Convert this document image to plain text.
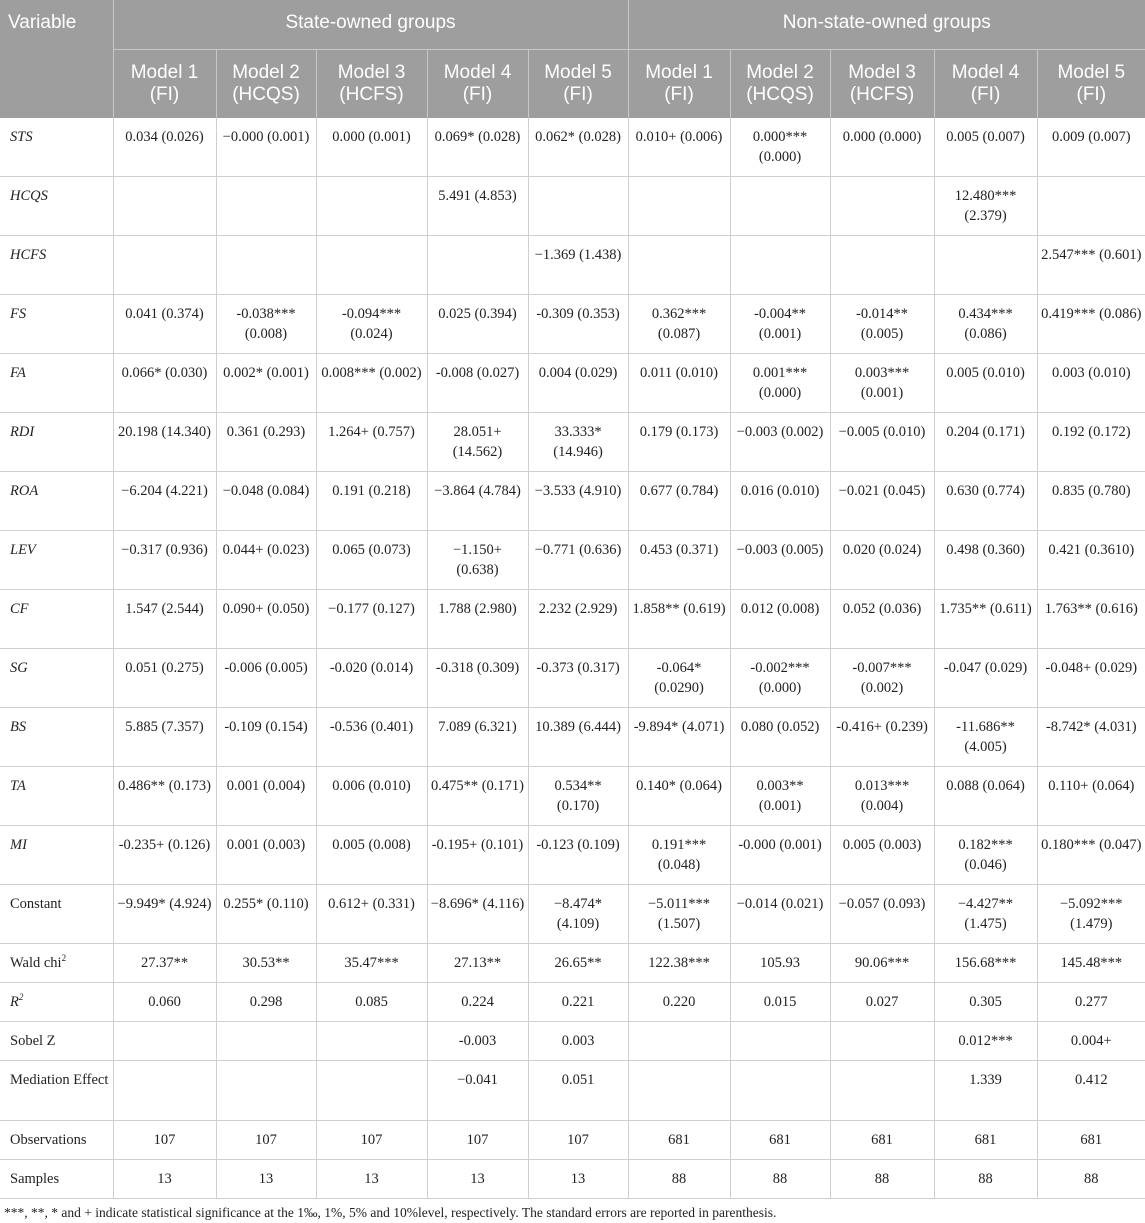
Variable	State-owned groups					Non-state-owned groups				
	Model 1 (FI)	Model 2 (HCQS)	Model 3 (HCFS)	Model 4 (FI)	Model 5 (FI)	Model 1 (FI)	Model 2 (HCQS)	Model 3 (HCFS)	Model 4 (FI)	Model 5 (FI)
STS	0.034 (0.026)	−0.000 (0.001)	0.000 (0.001)	0.069* (0.028)	0.062* (0.028)	0.010+ (0.006)	0.000*** (0.000)	0.000 (0.000)	0.005 (0.007)	0.009 (0.007)
HCQS				5.491 (4.853)					12.480*** (2.379)	
HCFS					−1.369 (1.438)					2.547*** (0.601)
FS	0.041 (0.374)	-0.038*** (0.008)	-0.094*** (0.024)	0.025 (0.394)	-0.309 (0.353)	0.362*** (0.087)	-0.004** (0.001)	-0.014** (0.005)	0.434*** (0.086)	0.419*** (0.086)
FA	0.066* (0.030)	0.002* (0.001)	0.008*** (0.002)	-0.008 (0.027)	0.004 (0.029)	0.011 (0.010)	0.001*** (0.000)	0.003*** (0.001)	0.005 (0.010)	0.003 (0.010)
RDI	20.198 (14.340)	0.361 (0.293)	1.264+ (0.757)	28.051+ (14.562)	33.333* (14.946)	0.179 (0.173)	−0.003 (0.002)	−0.005 (0.010)	0.204 (0.171)	0.192 (0.172)
ROA	−6.204 (4.221)	−0.048 (0.084)	0.191 (0.218)	−3.864 (4.784)	−3.533 (4.910)	0.677 (0.784)	0.016 (0.010)	−0.021 (0.045)	0.630 (0.774)	0.835 (0.780)
LEV	−0.317 (0.936)	0.044+ (0.023)	0.065 (0.073)	−1.150+ (0.638)	−0.771 (0.636)	0.453 (0.371)	−0.003 (0.005)	0.020 (0.024)	0.498 (0.360)	0.421 (0.3610)
CF	1.547 (2.544)	0.090+ (0.050)	−0.177 (0.127)	1.788 (2.980)	2.232 (2.929)	1.858** (0.619)	0.012 (0.008)	0.052 (0.036)	1.735** (0.611)	1.763** (0.616)
SG	0.051 (0.275)	-0.006 (0.005)	-0.020 (0.014)	-0.318 (0.309)	-0.373 (0.317)	-0.064* (0.0290)	-0.002*** (0.000)	-0.007*** (0.002)	-0.047 (0.029)	-0.048+ (0.029)
BS	5.885 (7.357)	-0.109 (0.154)	-0.536 (0.401)	7.089 (6.321)	10.389 (6.444)	-9.894* (4.071)	0.080 (0.052)	-0.416+ (0.239)	-11.686** (4.005)	-8.742* (4.031)
TA	0.486** (0.173)	0.001 (0.004)	0.006 (0.010)	0.475** (0.171)	0.534** (0.170)	0.140* (0.064)	0.003** (0.001)	0.013*** (0.004)	0.088 (0.064)	0.110+ (0.064)
MI	-0.235+ (0.126)	0.001 (0.003)	0.005 (0.008)	-0.195+ (0.101)	-0.123 (0.109)	0.191*** (0.048)	-0.000 (0.001)	0.005 (0.003)	0.182*** (0.046)	0.180*** (0.047)
Constant	−9.949* (4.924)	0.255* (0.110)	0.612+ (0.331)	−8.696* (4.116)	−8.474* (4.109)	−5.011*** (1.507)	−0.014 (0.021)	−0.057 (0.093)	−4.427** (1.475)	−5.092*** (1.479)
Wald chi$^2$	27.37**	30.53**	35.47***	27.13**	26.65**	122.38***	105.93	90.06***	156.68***	145.48***
$R^2$	0.060	0.298	0.085	0.224	0.221	0.220	0.015	0.027	0.305	0.277
Sobel Z				-0.003	0.003				0.012***	0.004+
Mediation Effect				−0.041	0.051				1.339	0.412
Observations	107	107	107	107	107	681	681	681	681	681
Samples	13	13	13	13	13	88	88	88	88	88
***, **, * and + indicate statistical significance at the 1‰, 1%, 5% and 10%level, respectively. The standard errors are reported in parenthesis.
